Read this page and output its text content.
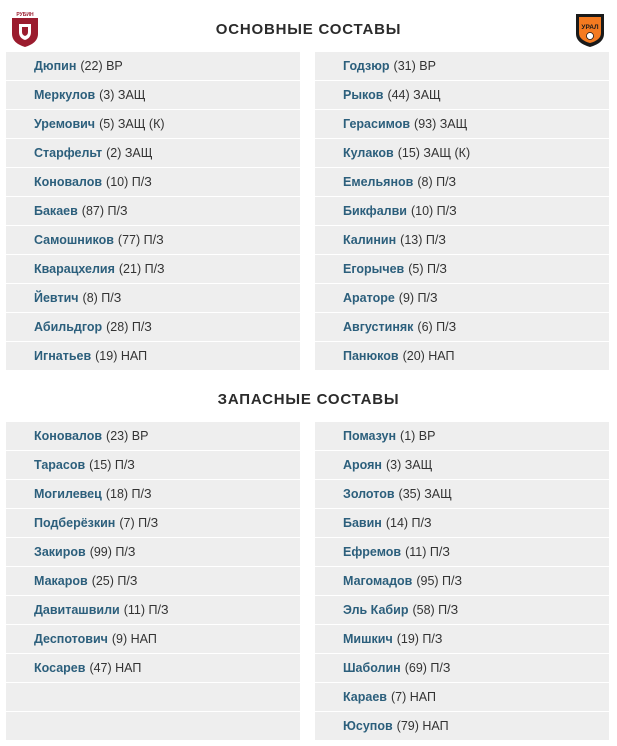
РУБИН
УРАЛ
ОСНОВНЫЕ СОСТАВЫ
Дюпин (22) ВР
Меркулов (3) ЗАЩ
Уремович (5) ЗАЩ (К)
Старфельт (2) ЗАЩ
Коновалов (10) П/З
Бакаев (87) П/З
Самошников (77) П/З
Кварацхелия (21) П/З
Йевтич (8) П/З
Абильдгор (28) П/З
Игнатьев (19) НАП
Годзюр (31) ВР
Рыков (44) ЗАЩ
Герасимов (93) ЗАЩ
Кулаков (15) ЗАЩ (К)
Емельянов (8) П/З
Бикфалви (10) П/З
Калинин (13) П/З
Егорычев (5) П/З
Араторе (9) П/З
Августиняк (6) П/З
Панюков (20) НАП
ЗАПАСНЫЕ СОСТАВЫ
Коновалов (23) ВР
Тарасов (15) П/З
Могилевец (18) П/З
Подберёзкин (7) П/З
Закиров (99) П/З
Макаров (25) П/З
Давиташвили (11) П/З
Деспотович (9) НАП
Косарев (47) НАП
Помазун (1) ВР
Ароян (3) ЗАЩ
Золотов (35) ЗАЩ
Бавин (14) П/З
Ефремов (11) П/З
Магомадов (95) П/З
Эль Кабир (58) П/З
Мишкич (19) П/З
Шаболин (69) П/З
Караев (7) НАП
Юсупов (79) НАП
